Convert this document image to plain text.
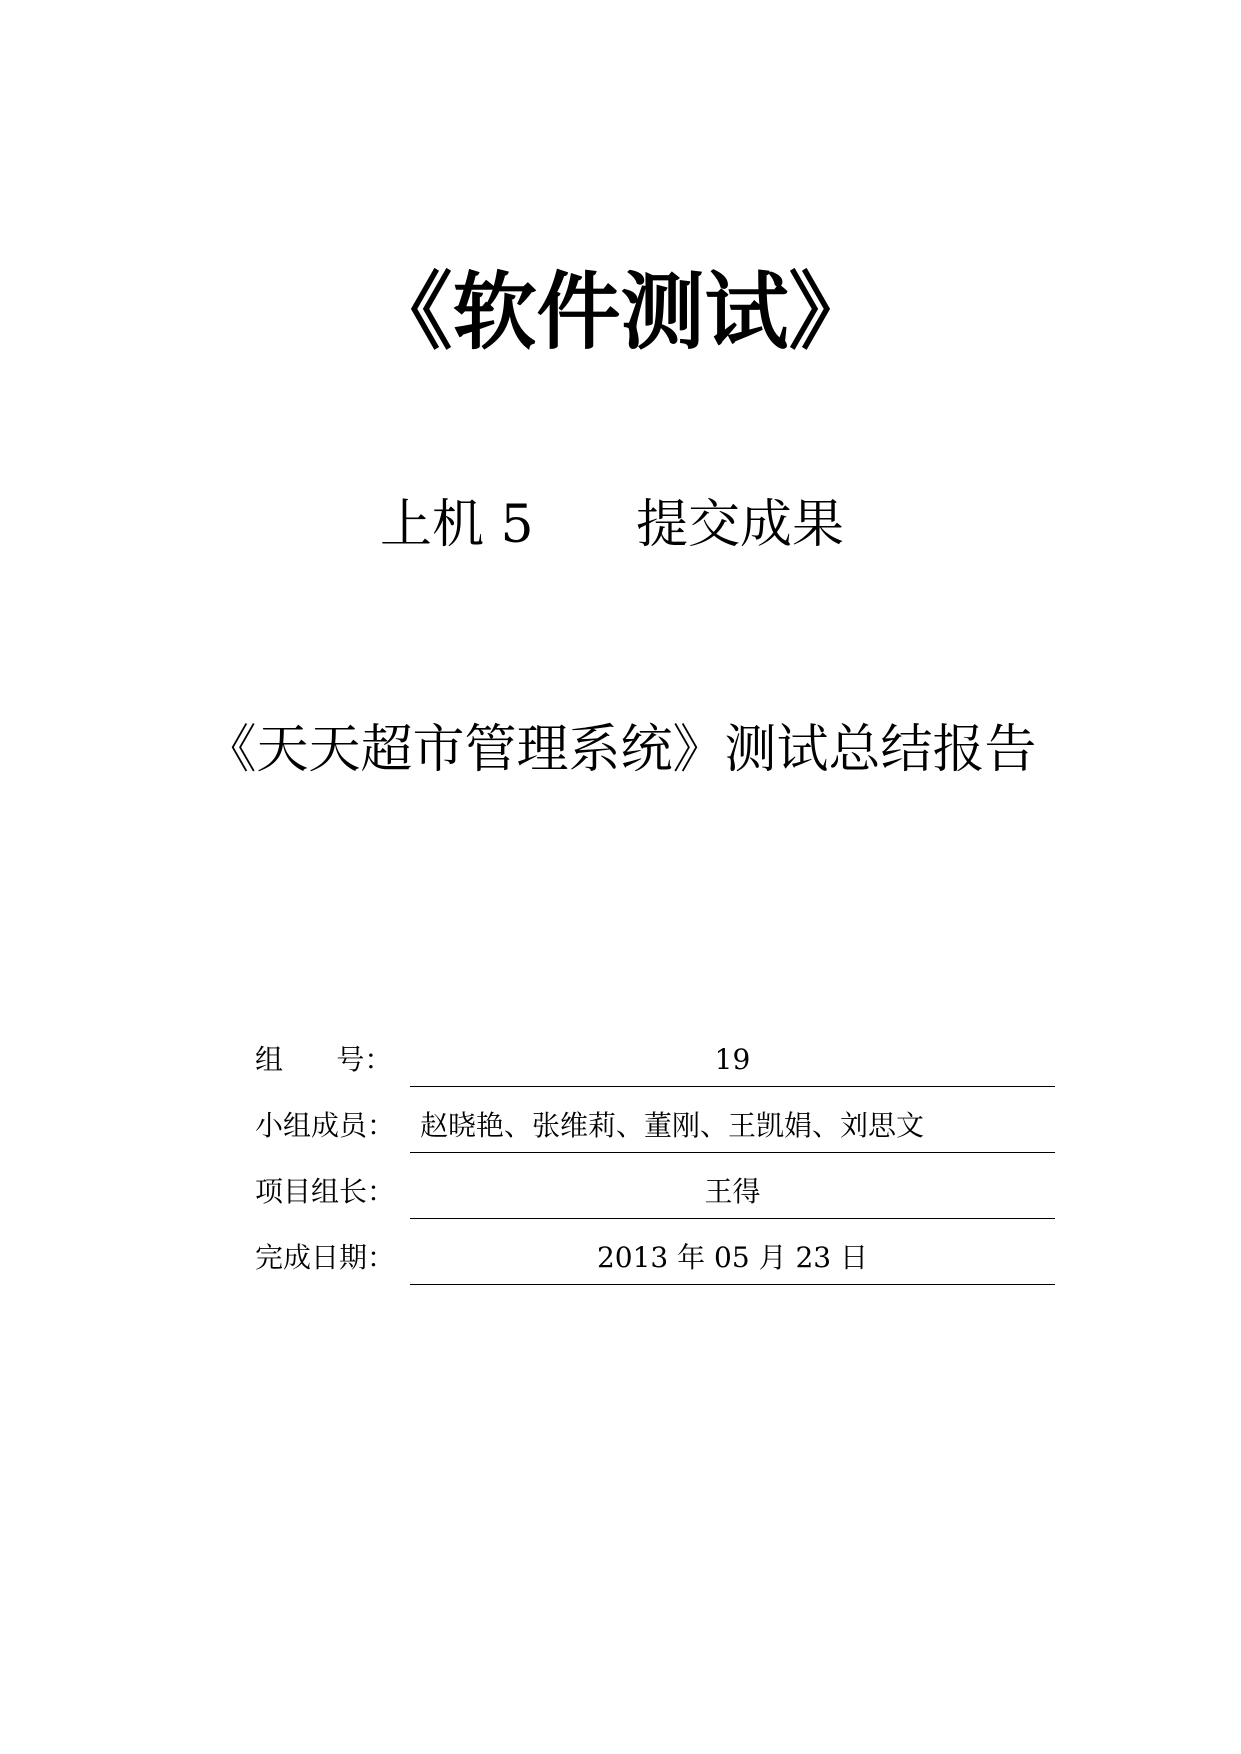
《软件测试》
上机 5	提交成果
《天天超市管理系统》测试总结报告
组      号：	19
小组成员： 赵晓艳、张维莉、董刚、王凯娟、刘思文
项目组长：	王得
完成日期：	2013 年 05 月 23 日
